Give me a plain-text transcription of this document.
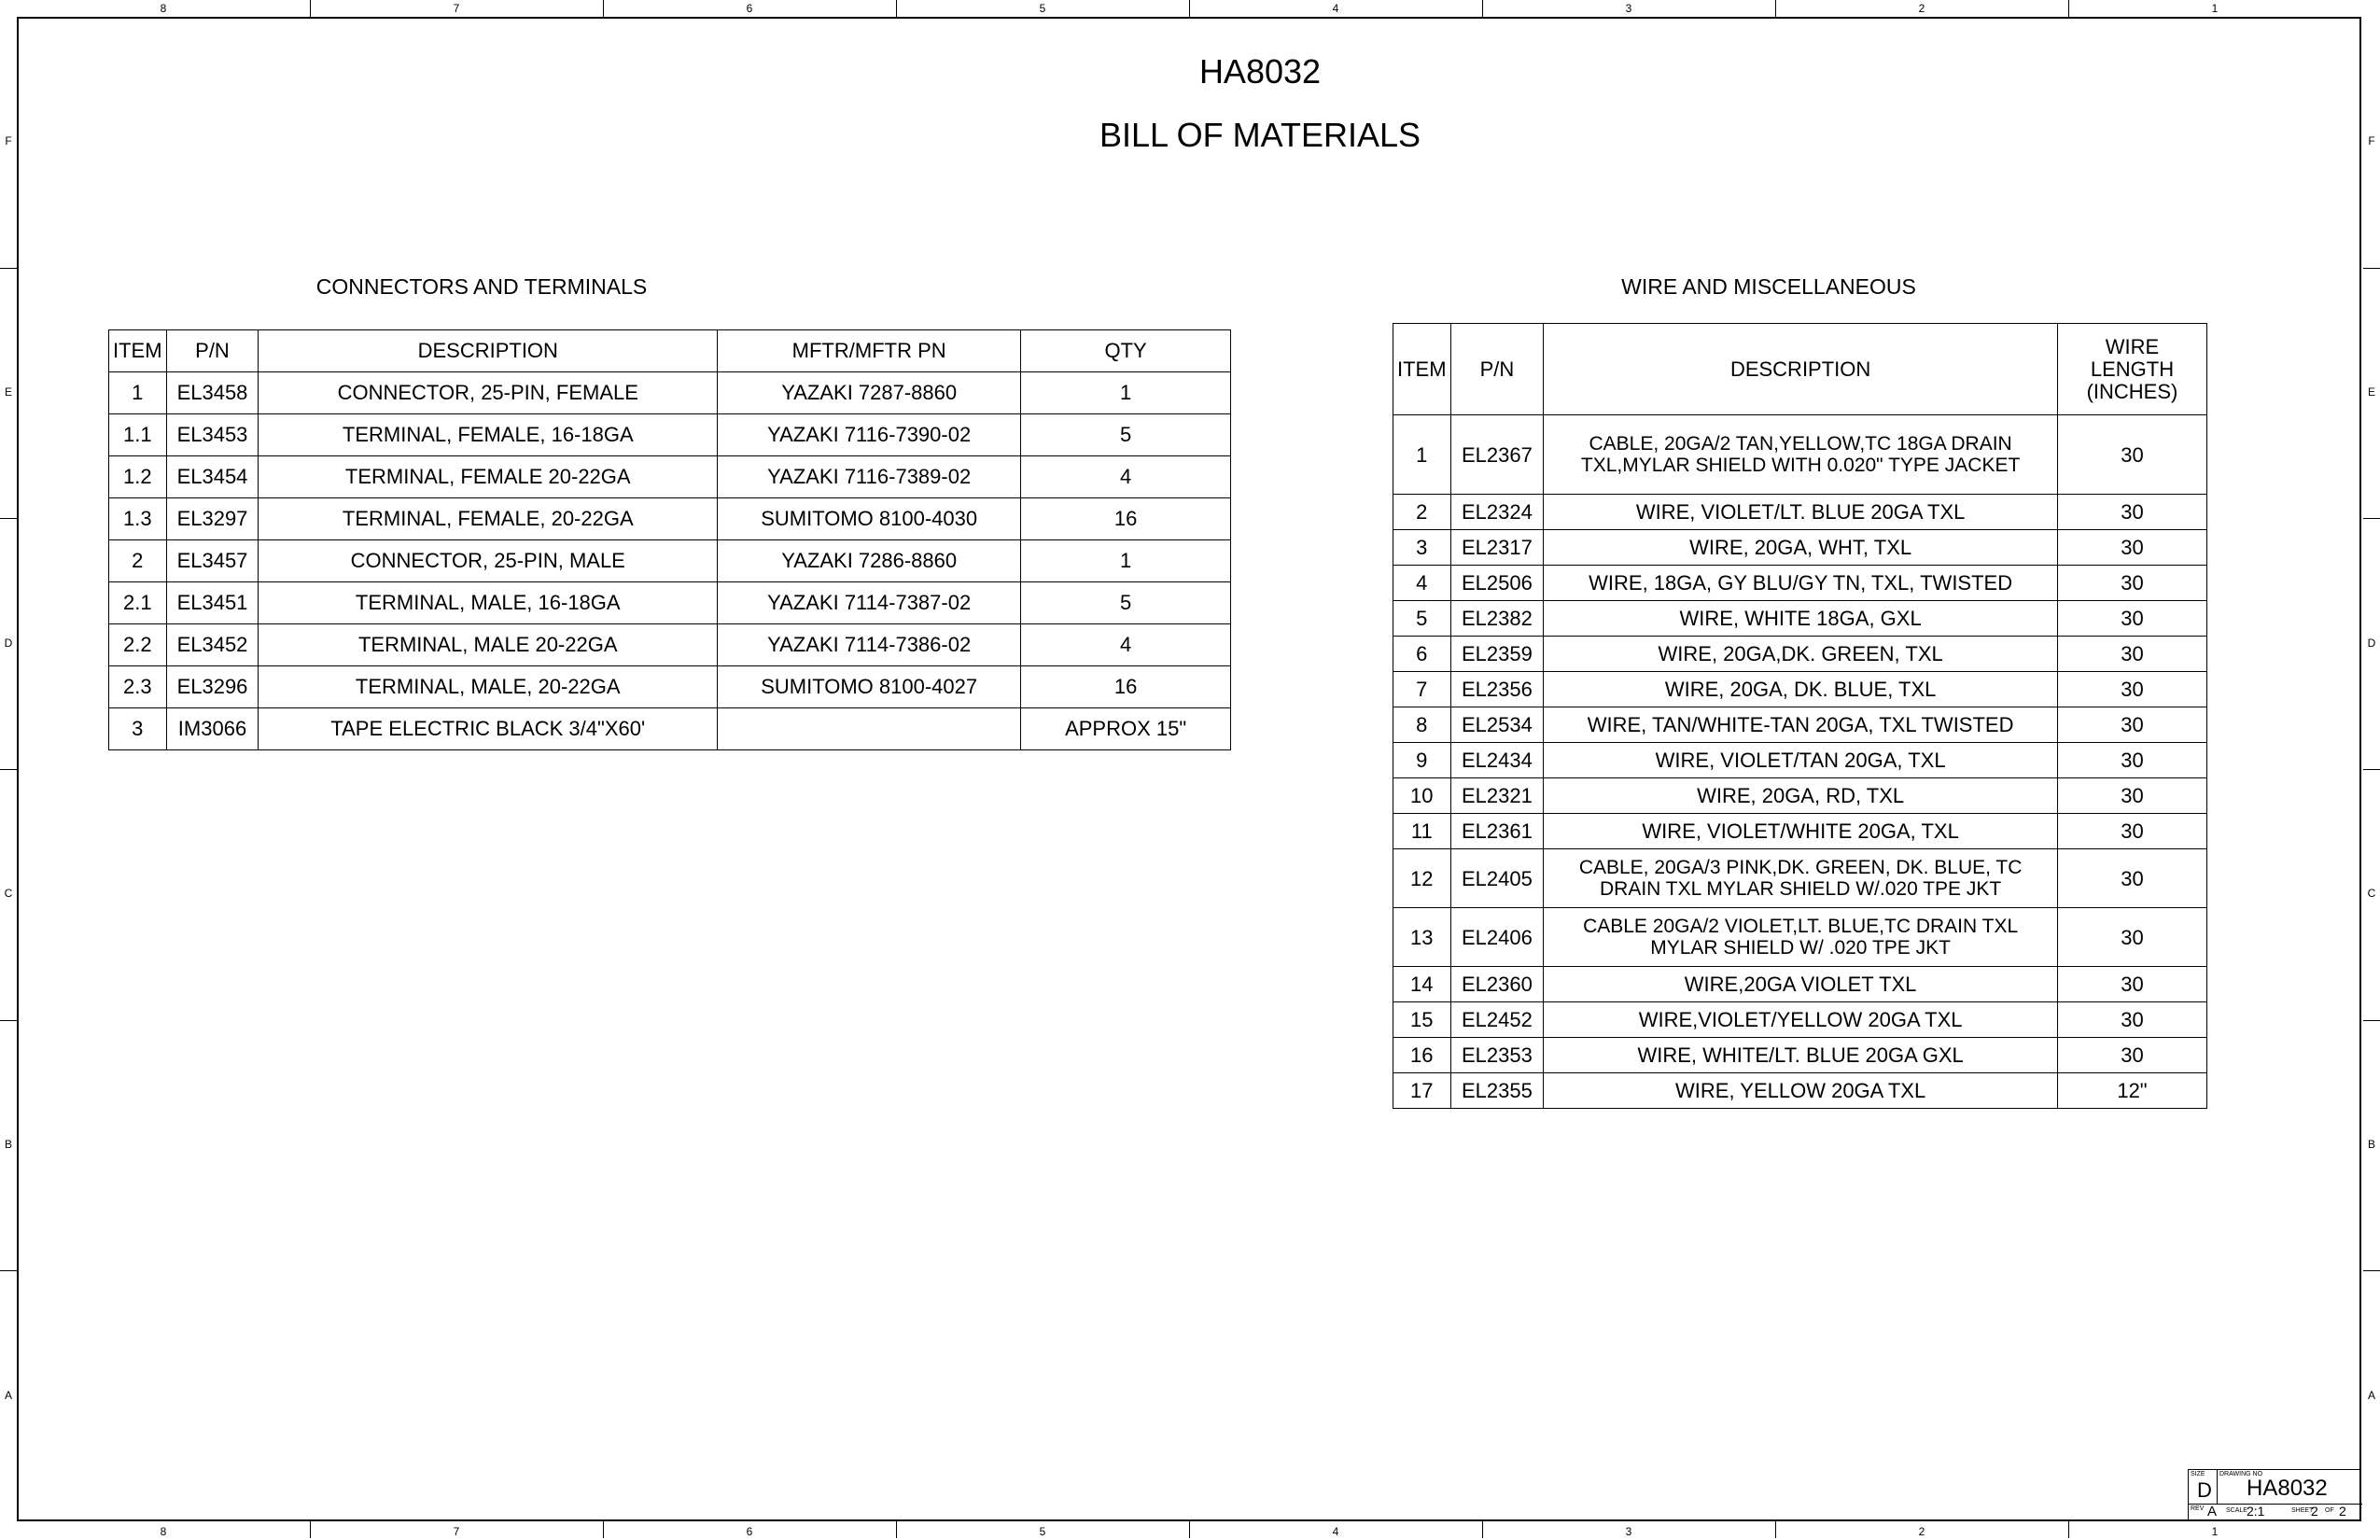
8
8
7
7
6
6
5
5
4
4
3
3
2
2
1
1
F	F
E	E
D	D
C	C
B	B
A	A
HA8032
BILL OF MATERIALS
CONNECTORS AND TERMINALS
ITEM	P/N	DESCRIPTION	MFTR/MFTR PN	QTY
1	EL3458	CONNECTOR, 25-PIN, FEMALE	YAZAKI 7287-8860	1
1.1	EL3453	TERMINAL, FEMALE, 16-18GA	YAZAKI 7116-7390-02	5
1.2	EL3454	TERMINAL, FEMALE 20-22GA	YAZAKI 7116-7389-02	4
1.3	EL3297	TERMINAL, FEMALE, 20-22GA	SUMITOMO 8100-4030	16
2	EL3457	CONNECTOR, 25-PIN, MALE	YAZAKI 7286-8860	1
2.1	EL3451	TERMINAL, MALE, 16-18GA	YAZAKI 7114-7387-02	5
2.2	EL3452	TERMINAL, MALE 20-22GA	YAZAKI 7114-7386-02	4
2.3	EL3296	TERMINAL, MALE, 20-22GA	SUMITOMO 8100-4027	16
3	IM3066	TAPE ELECTRIC BLACK 3/4"X60'		APPROX 15"
WIRE AND MISCELLANEOUS
ITEM	P/N	DESCRIPTION	WIRE LENGTH (INCHES)
1	EL2367	CABLE, 20GA/2 TAN,YELLOW,TC 18GA DRAIN TXL,MYLAR SHIELD WITH 0.020" TYPE JACKET	30
2	EL2324	WIRE, VIOLET/LT. BLUE 20GA TXL	30
3	EL2317	WIRE, 20GA, WHT, TXL	30
4	EL2506	WIRE, 18GA, GY BLU/GY TN, TXL, TWISTED	30
5	EL2382	WIRE, WHITE 18GA, GXL	30
6	EL2359	WIRE, 20GA,DK. GREEN, TXL	30
7	EL2356	WIRE, 20GA, DK. BLUE, TXL	30
8	EL2534	WIRE, TAN/WHITE-TAN 20GA, TXL TWISTED	30
9	EL2434	WIRE, VIOLET/TAN 20GA, TXL	30
10	EL2321	WIRE, 20GA, RD, TXL	30
11	EL2361	WIRE, VIOLET/WHITE 20GA, TXL	30
12	EL2405	CABLE, 20GA/3 PINK,DK. GREEN, DK. BLUE, TC DRAIN TXL MYLAR SHIELD W/.020 TPE JKT	30
13	EL2406	CABLE 20GA/2 VIOLET,LT. BLUE,TC DRAIN TXL MYLAR SHIELD W/ .020 TPE JKT	30
14	EL2360	WIRE,20GA VIOLET TXL	30
15	EL2452	WIRE,VIOLET/YELLOW 20GA TXL	30
16	EL2353	WIRE, WHITE/LT. BLUE 20GA GXL	30
17	EL2355	WIRE, YELLOW 20GA TXL	12"
SIZE
D
DRAWING NO
HA8032
REV A SCALE 2:1	SHEET
2 OF 2
